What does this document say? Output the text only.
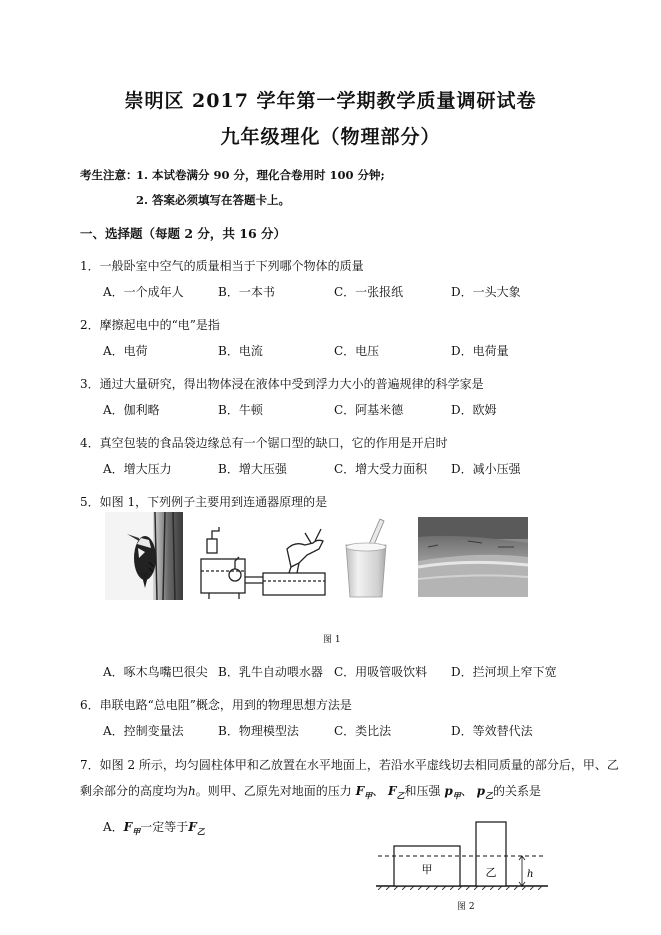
崇明区 2017 学年第一学期教学质量调研试卷
九年级理化（物理部分）
考生注意：
1. 本试卷满分 90 分，理化合卷用时 100 分钟;
2. 答案必须填写在答题卡上。
一、选择题（每题 2 分，共 16 分）
1．一般卧室中空气的质量相当于下列哪个物体的质量
A．一个成年人	B．一本书	C．一张报纸	D．一头大象
2．摩擦起电中的“电”是指
A．电荷	B．电流	C．电压	D．电荷量
3．通过大量研究，得出物体浸在液体中受到浮力大小的普遍规律的科学家是
A．伽利略	B．牛顿	C．阿基米德	D．欧姆
4．真空包装的食品袋边缘总有一个锯口型的缺口，它的作用是开启时
A．增大压力	B．增大压强	C．增大受力面积 D．减小压强
5．如图 1，下列例子主要用到连通器原理的是
图 1
A．啄木鸟嘴巴很尖 B．乳牛自动喂水器 C．用吸管吸饮料 D．拦河坝上窄下宽
6．串联电路“总电阻”概念，用到的物理思想方法是
A．控制变量法	B．物理模型法	C．类比法	D．等效替代法
7．如图 2 所示，均匀圆柱体甲和乙放置在水平地面上，若沿水平虚线切去相同质量的部分后，甲、乙
剩余部分的高度均为h。则甲、乙原先对地面的压力 $F_甲$、 $F_乙$和压强 $p_甲$、 $p_乙$的关系是
A．$F_甲$一定等于$F_乙$
甲	乙	h
图 2
